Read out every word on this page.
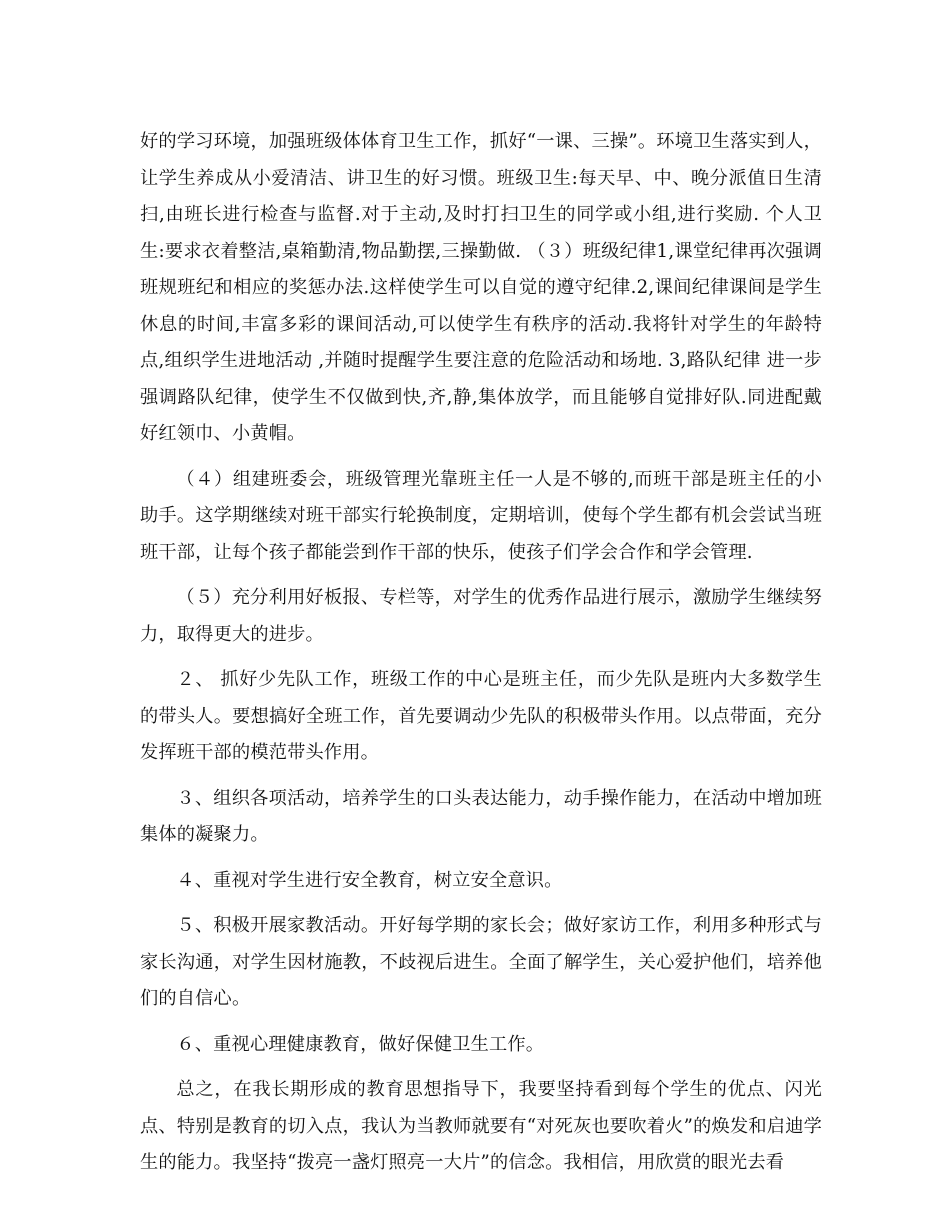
好的学习环境，加强班级体体育卫生工作，抓好“一课、三操”。环境卫生落实到人，让学生养成从小爱清洁、讲卫生的好习惯。班级卫生:每天早、中、晚分派值日生清扫,由班长进行检查与监督.对于主动,及时打扫卫生的同学或小组,进行奖励. 个人卫生:要求衣着整洁,桌箱勤清,物品勤摆,三操勤做. （３）班级纪律1,课堂纪律再次强调班规班纪和相应的奖惩办法.这样使学生可以自觉的遵守纪律.2,课间纪律课间是学生休息的时间,丰富多彩的课间活动,可以使学生有秩序的活动.我将针对学生的年龄特点,组织学生进地活动 ,并随时提醒学生要注意的危险活动和场地. 3,路队纪律 进一步强调路队纪律，使学生不仅做到快,齐,静,集体放学，而且能够自觉排好队.同进配戴好红领巾、小黄帽。

（４）组建班委会，班级管理光靠班主任一人是不够的,而班干部是班主任的小助手。这学期继续对班干部实行轮换制度，定期培训，使每个学生都有机会尝试当班班干部，让每个孩子都能尝到作干部的快乐，使孩子们学会合作和学会管理.

（５）充分利用好板报、专栏等，对学生的优秀作品进行展示，激励学生继续努力，取得更大的进步。

２、 抓好少先队工作，班级工作的中心是班主任，而少先队是班内大多数学生的带头人。要想搞好全班工作，首先要调动少先队的积极带头作用。以点带面，充分发挥班干部的模范带头作用。

３、组织各项活动，培养学生的口头表达能力，动手操作能力，在活动中增加班集体的凝聚力。

４、重视对学生进行安全教育，树立安全意识。

５、积极开展家教活动。开好每学期的家长会；做好家访工作，利用多种形式与家长沟通，对学生因材施教，不歧视后进生。全面了解学生，关心爱护他们，培养他们的自信心。

６、重视心理健康教育，做好保健卫生工作。

总之，在我长期形成的教育思想指导下，我要坚持看到每个学生的优点、闪光点、特别是教育的切入点，我认为当教师就要有“对死灰也要吹着火”的焕发和启迪学生的能力。我坚持“拨亮一盏灯照亮一大片”的信念。我相信，用欣赏的眼光去看
